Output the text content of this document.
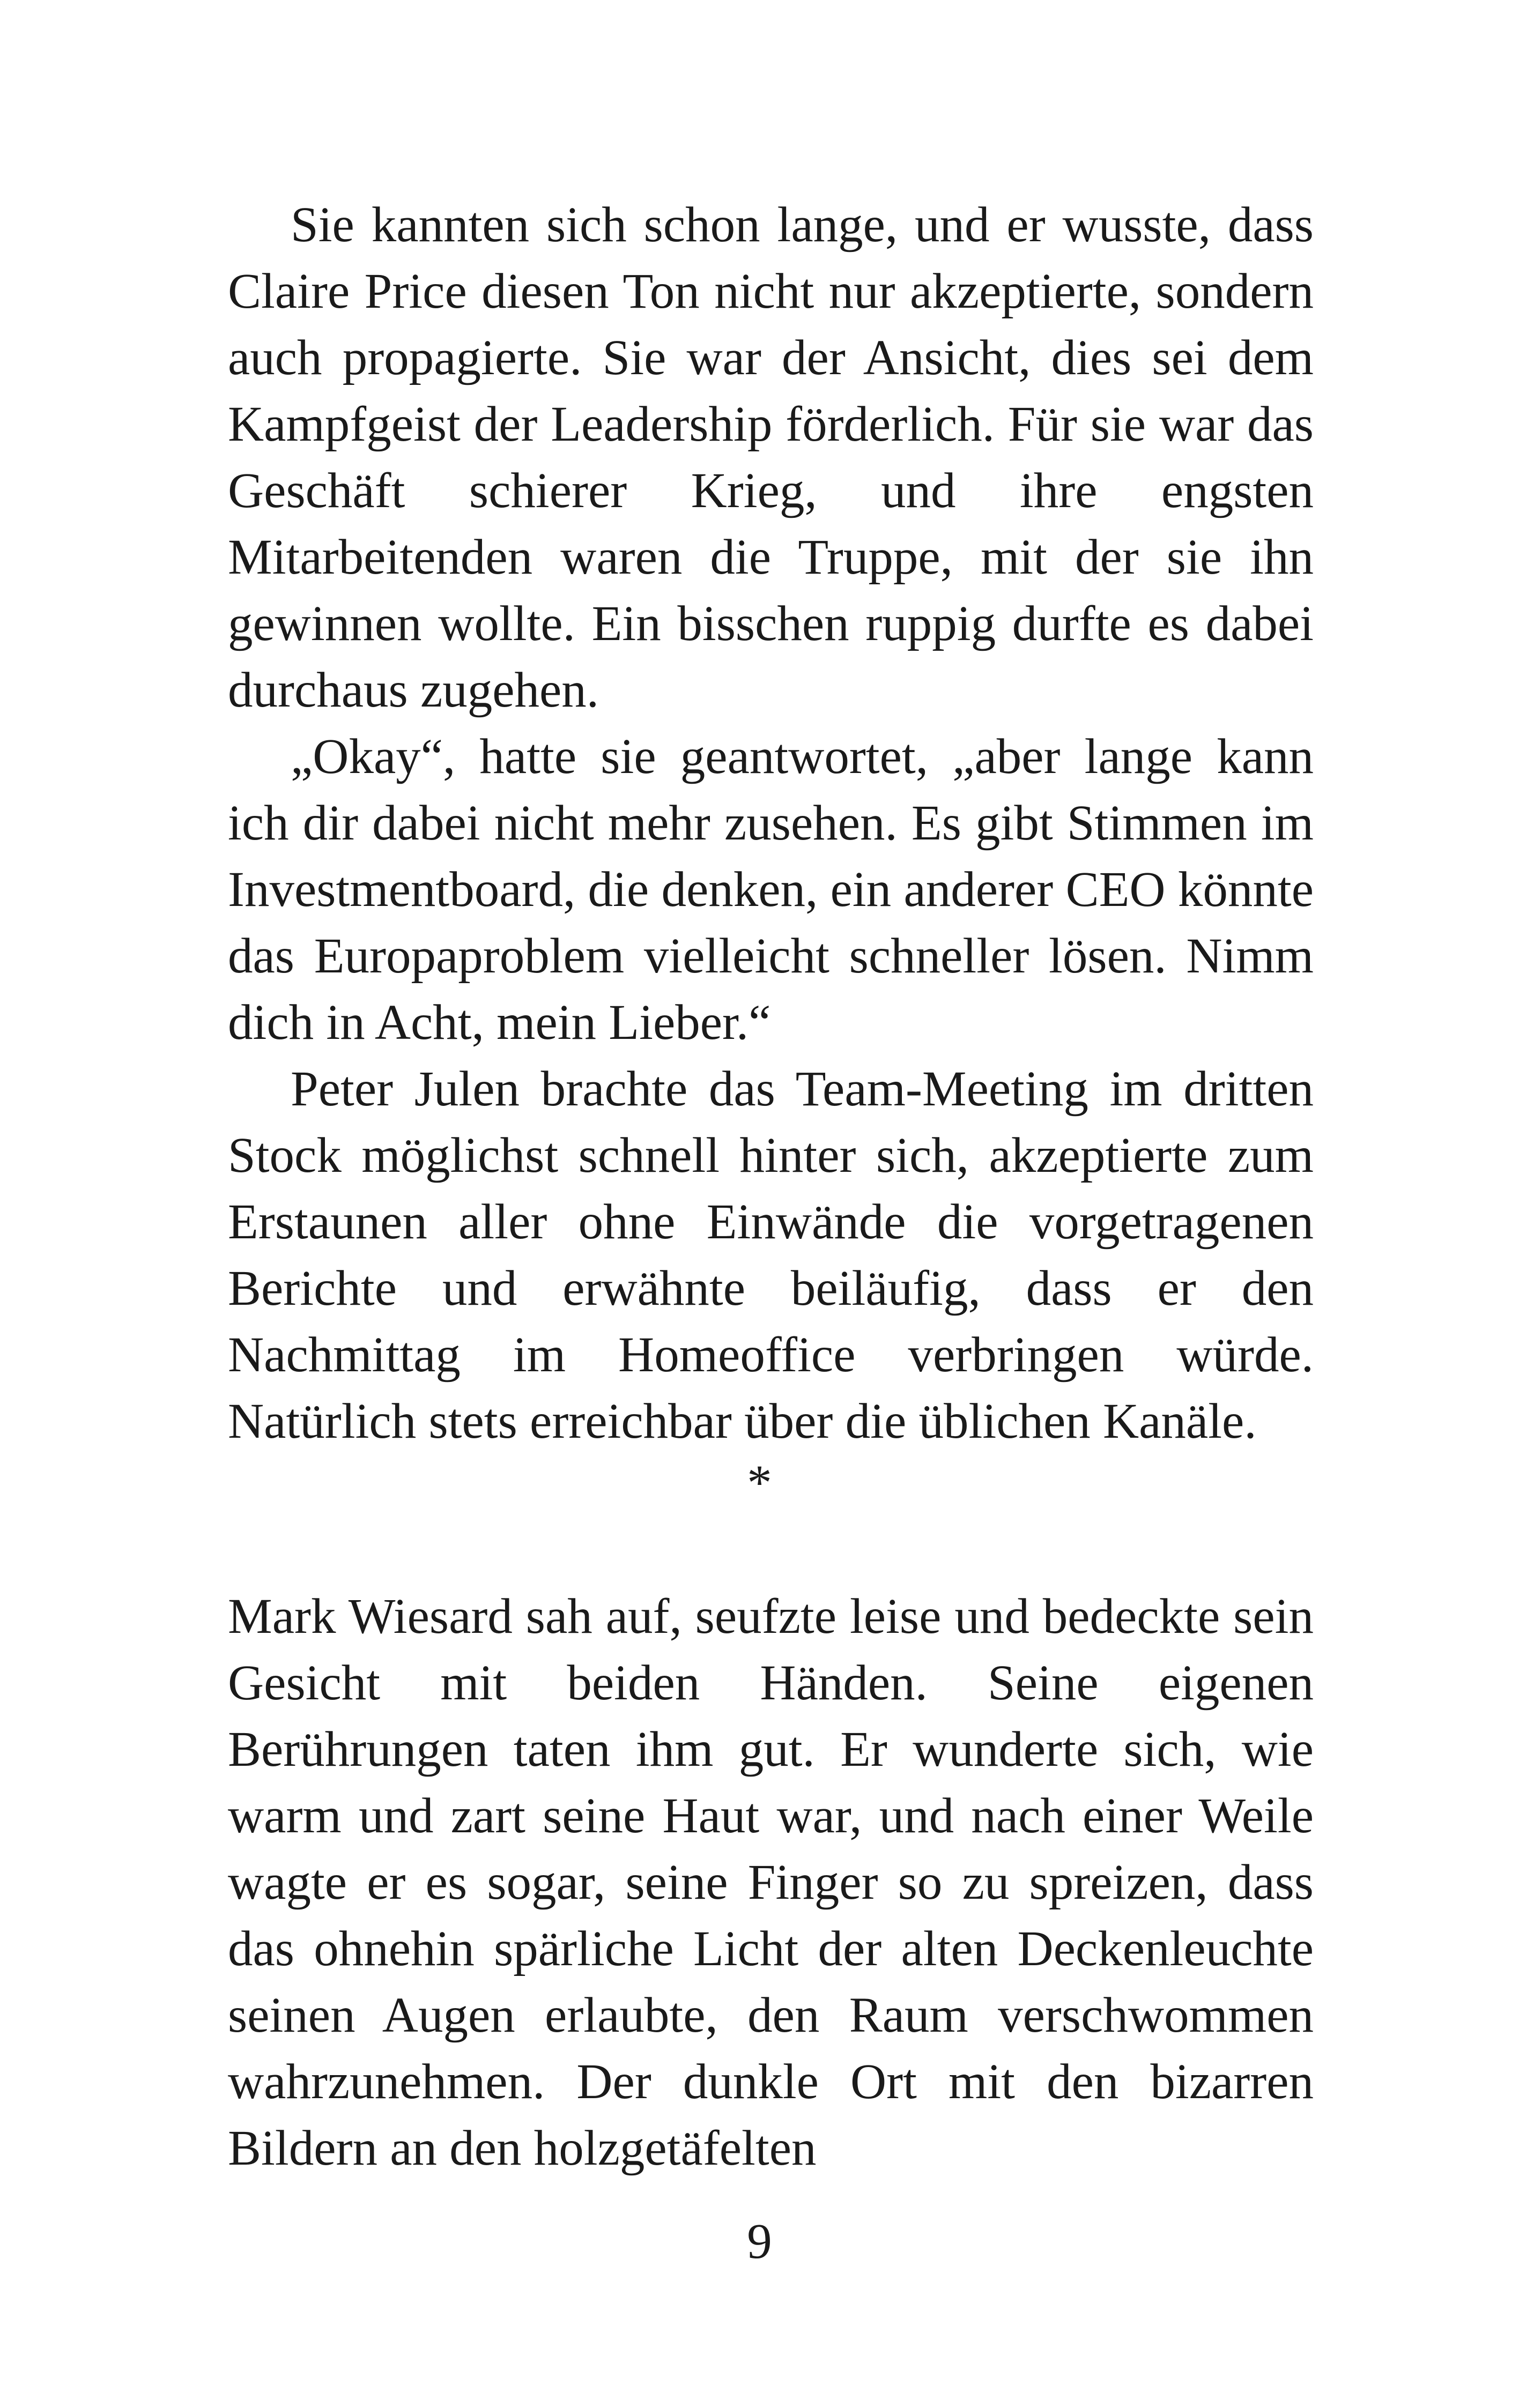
Sie kannten sich schon lange, und er wusste, dass Claire Price diesen Ton nicht nur akzeptierte, sondern auch propagierte. Sie war der Ansicht, dies sei dem Kampfgeist der Leadership förderlich. Für sie war das Geschäft schierer Krieg, und ihre engsten Mitarbeitenden waren die Truppe, mit der sie ihn gewinnen wollte. Ein bisschen ruppig durfte es dabei durchaus zugehen.

„Okay“, hatte sie geantwortet, „aber lange kann ich dir dabei nicht mehr zusehen. Es gibt Stimmen im Investmentboard, die denken, ein anderer CEO könnte das Europaproblem vielleicht schneller lösen. Nimm dich in Acht, mein Lieber.“

Peter Julen brachte das Team-Meeting im dritten Stock möglichst schnell hinter sich, akzeptierte zum Erstaunen aller ohne Einwände die vorgetragenen Berichte und erwähnte beiläufig, dass er den Nachmittag im Homeoffice verbringen würde. Natürlich stets erreichbar über die üblichen Kanäle.

*

Mark Wiesard sah auf, seufzte leise und bedeckte sein Gesicht mit beiden Händen. Seine eigenen Berührungen taten ihm gut. Er wunderte sich, wie warm und zart seine Haut war, und nach einer Weile wagte er es sogar, seine Finger so zu spreizen, dass das ohnehin spärliche Licht der alten Deckenleuchte seinen Augen erlaubte, den Raum verschwommen wahrzunehmen. Der dunkle Ort mit den bizarren Bildern an den holzgetäfelten

9
